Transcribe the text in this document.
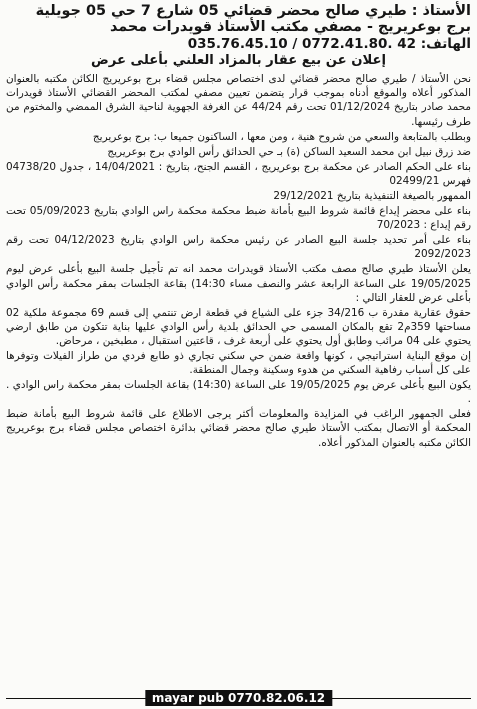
الأستاذ : طيري صالح محضر قضائي 05 شارع 7 حي 05 جويلية

برج بوعريريج - مصفي مكتب الأستاذ قويدرات محمد

الهاتف: 42 .0772.41.80 / 035.76.45.10

إعلان عن بيع عقار بالمزاد العلني بأعلى عرض

نحن الأستاذ / طيري صالح محضر قضائي لدى اختصاص مجلس قضاء برج بوعريريج الكائن مكتبه بالعنوان المذكور أعلاه والموقع أدناه بموجب قرار يتضمن تعيين مصفي لمكتب المحضر القضائي الأستاذ قويدرات محمد صادر بتاريخ 01/12/2024 تحت رقم 44/24 عن الغرفة الجهوية لناحية الشرق الممضي والمختوم من طرف رئيسها.

وبطلب بالمتابعة والسعي من شروح هنية ، ومن معها ، الساكنون جميعا ب: برج بوعريريج

ضد زرق نبيل ابن محمد السعيد الساكن (ة) بـ حي الحدائق رأس الوادي برج بوعريريج

بناء على الحكم الصادر عن محكمة برج بوعريريج ، القسم الجنح، بتاريخ : 14/04/2021 ، جدول 04738/20 فهرس 02499/21

الممهور بالصيغة التنفيذية بتاريخ 29/12/2021

بناء على محضر إيداع قائمة شروط البيع بأمانة ضبط محكمة محكمة راس الوادي بتاريخ 05/09/2023 تحت رقم إيداع : 70/2023

بناء على أمر تحديد جلسة البيع الصادر عن رئيس محكمة راس الوادي بتاريخ 04/12/2023 تحت رقم 2092/2023

يعلن الأستاذ طيري صالح مصف مكتب الأستاذ قويدرات محمد انه تم تأجيل جلسة البيع بأعلى عرض ليوم 19/05/2025 على الساعة الرابعة عشر والنصف مساء 14:30) بقاعة الجلسات بمقر محكمة رأس الوادي بأعلى عرض للعقار التالي :

حقوق عقارية مقدرة ب 34/216 جزء على الشياع في قطعة ارض تنتمي إلى قسم 69 مجموعة ملكية 02 مساحتها 359م2 تقع بالمكان المسمى حي الحدائق بلدية رأس الوادي عليها بناية تتكون من طابق ارضي يحتوي على 04 مرائب وطابق أول يحتوي على أربعة غرف ، قاعتين استقبال ، مطبخين ، مرحاض.

إن موقع البناية استراتيجي ، كونها واقعة ضمن حي سكني تجاري ذو طابع فردي من طراز الفيلات وتوفرها على كل أسباب رفاهية السكني من هدوء وسكينة وجمال المنطقة.

يكون البيع بأعلى عرض يوم 19/05/2025 على الساعة (14:30) بقاعة الجلسات بمقر محكمة راس الوادي . .

فعلى الجمهور الراغب في المزايدة والمعلومات أكثر يرجى الاطلاع على قائمة شروط البيع بأمانة ضبط المحكمة أو الاتصال بمكتب الأستاذ طيري صالح محضر قضائي بدائرة اختصاص مجلس قضاء برج بوعريريج الكائن مكتبه بالعنوان المذكور أعلاه.

mayar pub 0770.82.06.12
